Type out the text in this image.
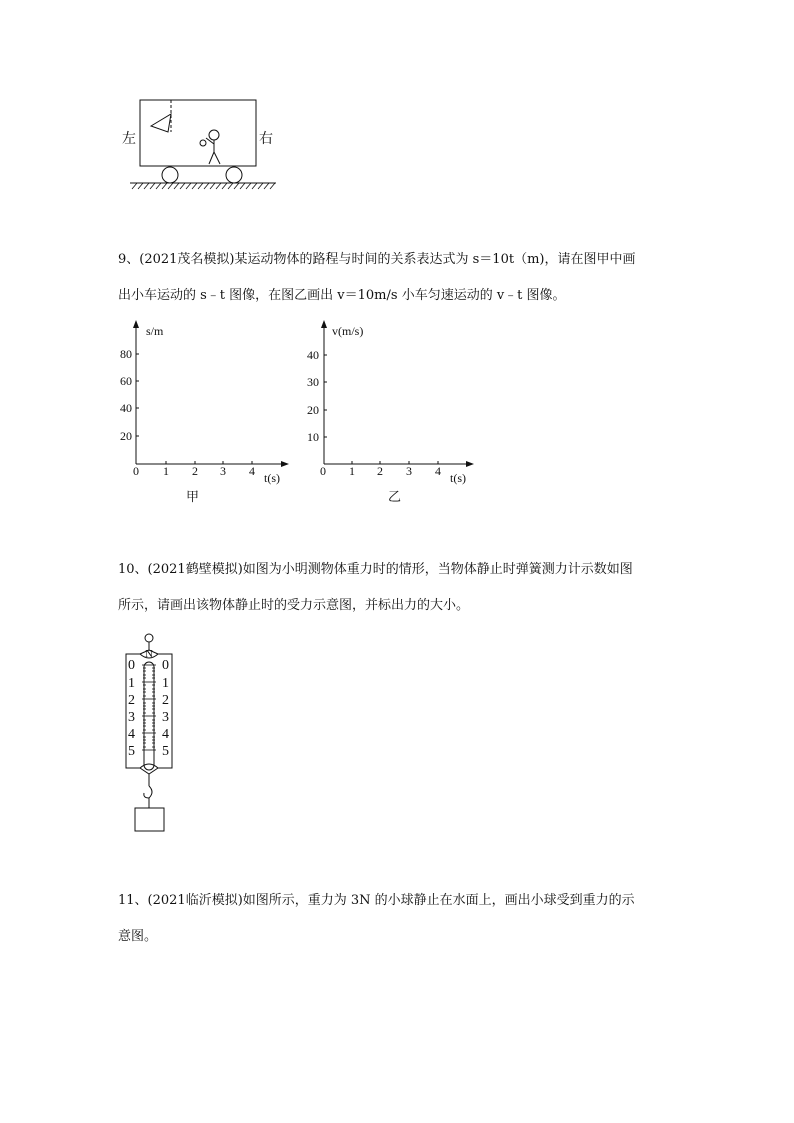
左	右
9、(2021茂名模拟)某运动物体的路程与时间的关系表达式为 s＝10t（m)，请在图甲中画
出小车运动的 s﹣t 图像，在图乙画出 v＝10m/s 小车匀速运动的 v﹣t 图像。
s/m
80
60
40
20
0 1 2 3 4 t(s)
甲
v(m/s)
40
30
20
10
0 1 2 3 4 t(s)
乙
10、(2021鹤壁模拟)如图为小明测物体重力时的情形，当物体静止时弹簧测力计示数如图
所示，请画出该物体静止时的受力示意图，并标出力的大小。
N
0
1
2
3
4
5
0
1
2
3
4
5
11、(2021临沂模拟)如图所示，重力为 3N 的小球静止在水面上，画出小球受到重力的示
意图。
